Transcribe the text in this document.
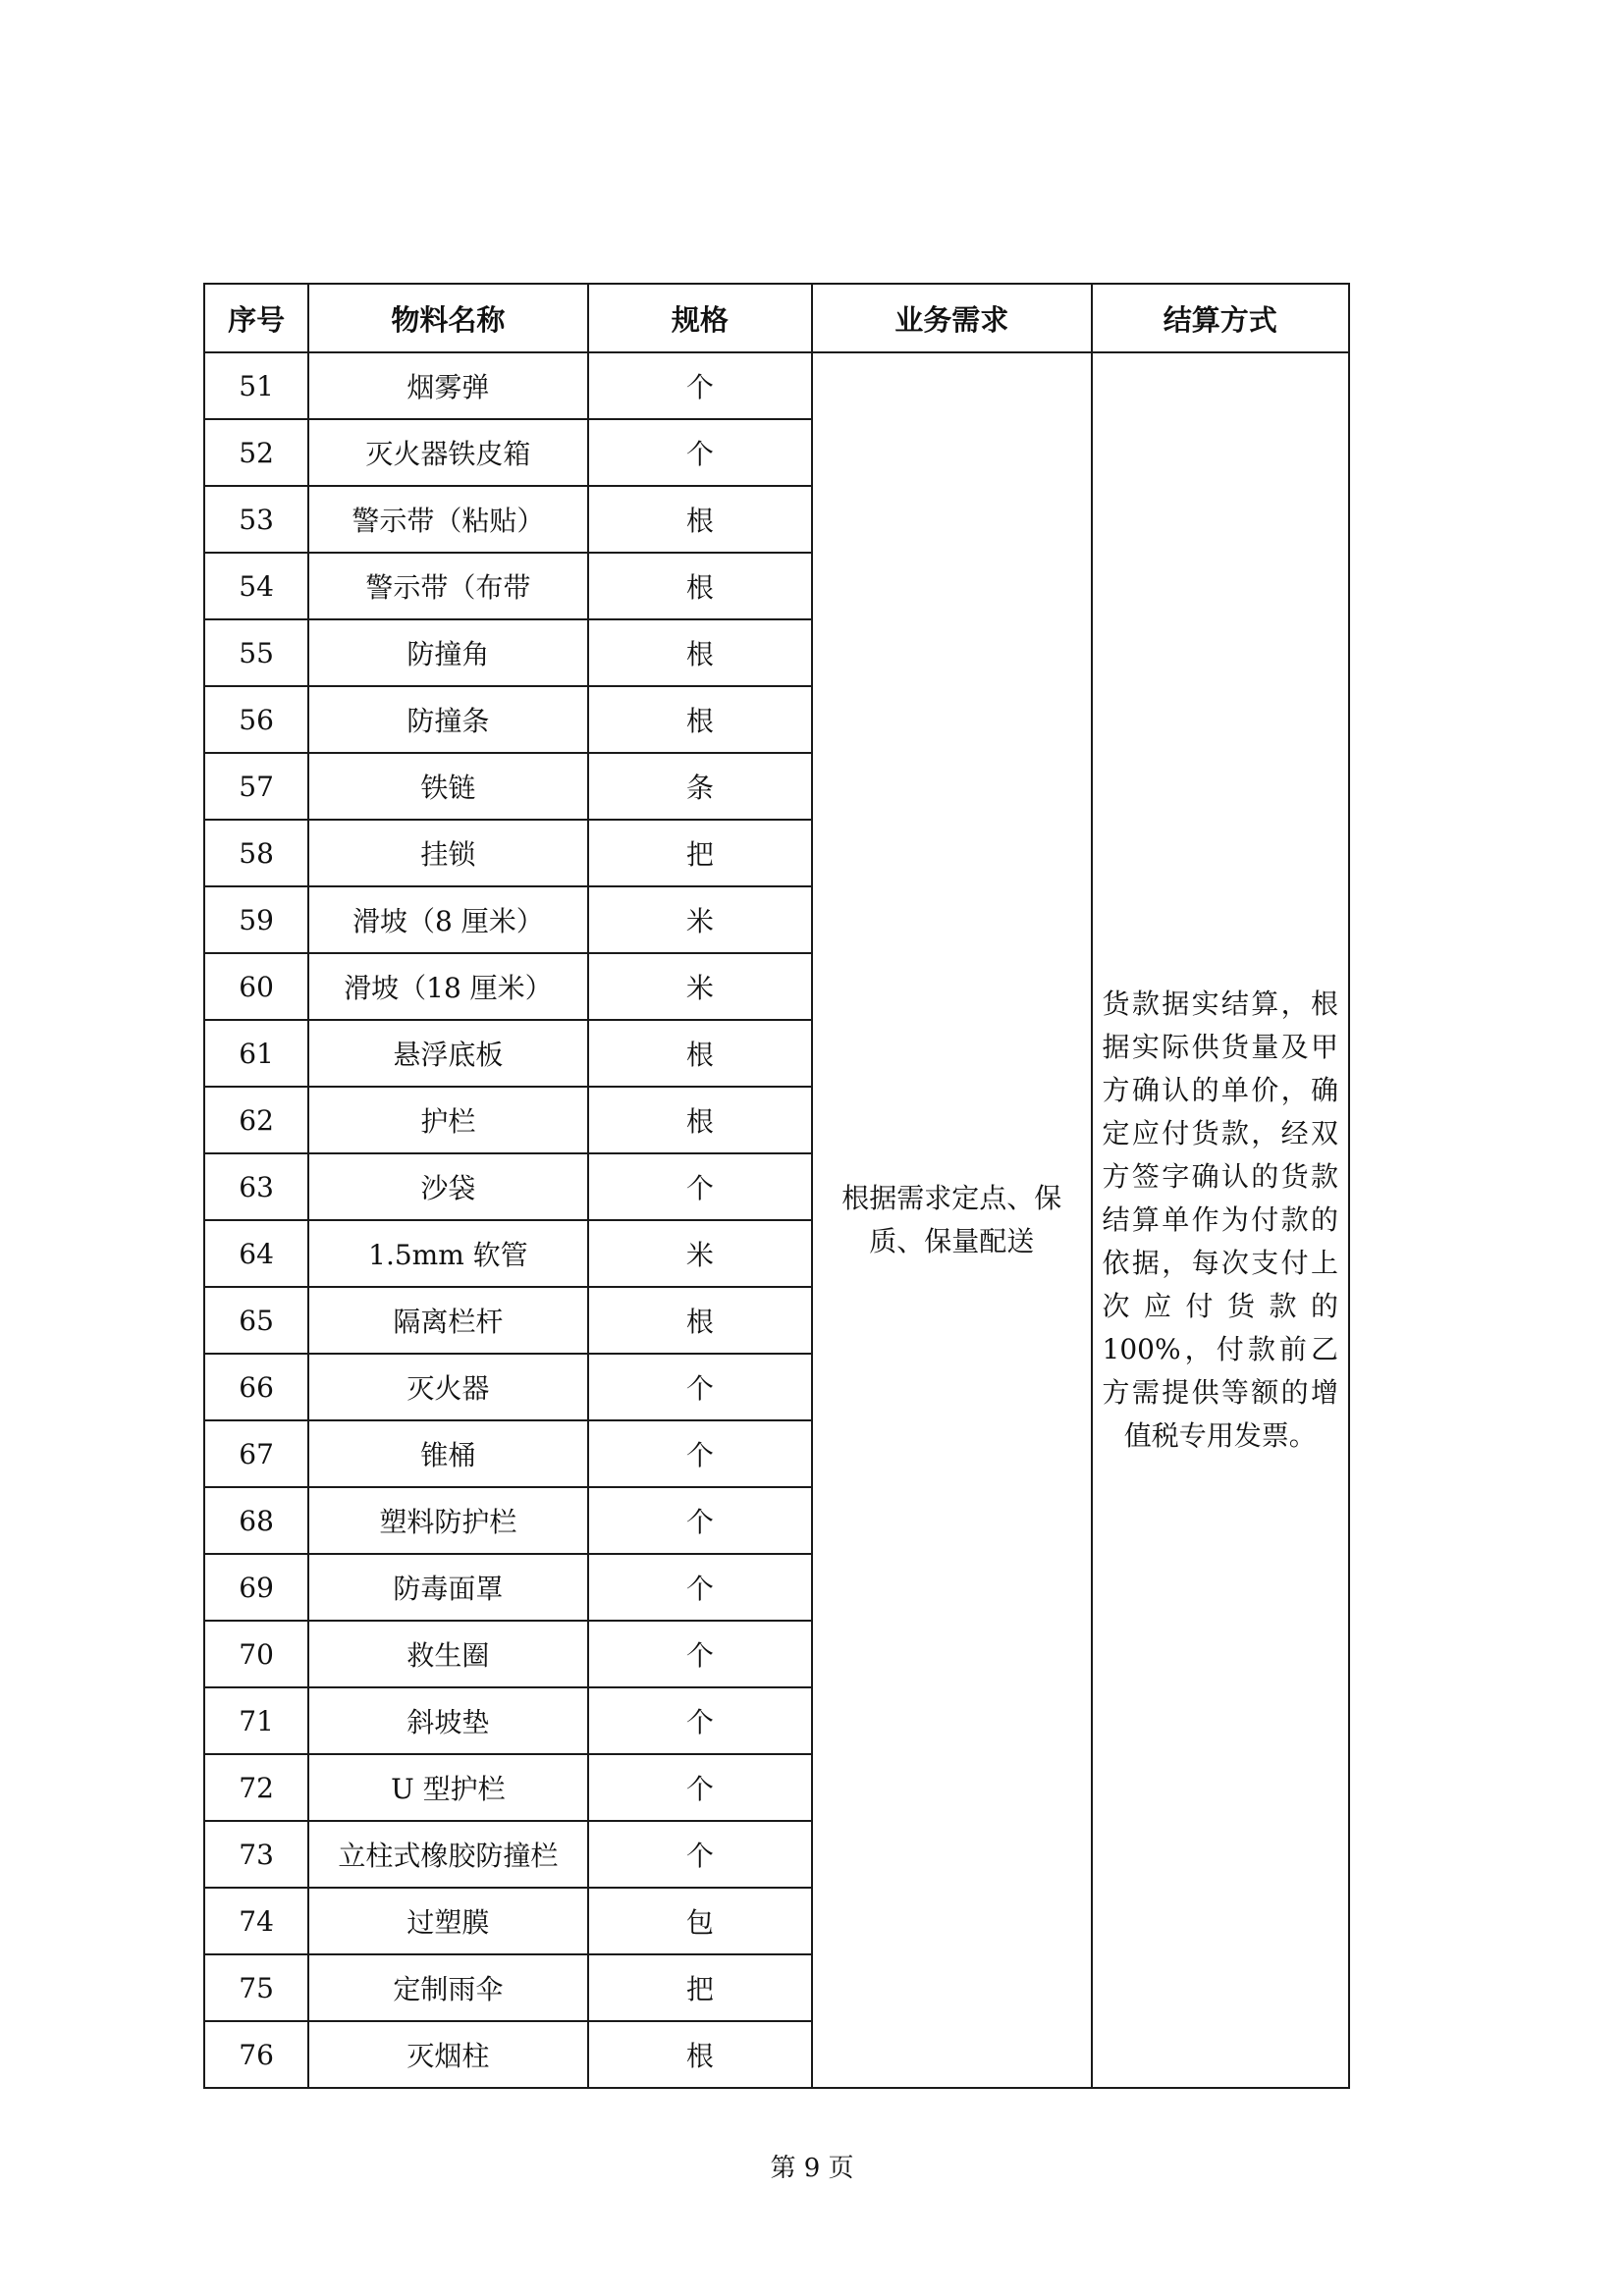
序号	物料名称	规格	业务需求	结算方式
51	烟雾弹	个	根据需求定点、保质、保量配送	货款据实结算，根据实际供货量及甲方确认的单价，确定应付货款，经双方签字确认的货款结算单作为付款的依据，每次支付上次应付货款的100%，付款前乙方需提供等额的增值税专用发票。
52	灭火器铁皮箱	个		
53	警示带（粘贴）	根		
54	警示带（布带	根		
55	防撞角	根		
56	防撞条	根		
57	铁链	条		
58	挂锁	把		
59	滑坡（8 厘米）	米		
60	滑坡（18 厘米）	米		
61	悬浮底板	根		
62	护栏	根		
63	沙袋	个		
64	1.5mm 软管	米		
65	隔离栏杆	根		
66	灭火器	个		
67	锥桶	个		
68	塑料防护栏	个		
69	防毒面罩	个		
70	救生圈	个		
71	斜坡垫	个		
72	U 型护栏	个		
73	立柱式橡胶防撞栏	个		
74	过塑膜	包		
75	定制雨伞	把		
76	灭烟柱	根		
第 9 页
